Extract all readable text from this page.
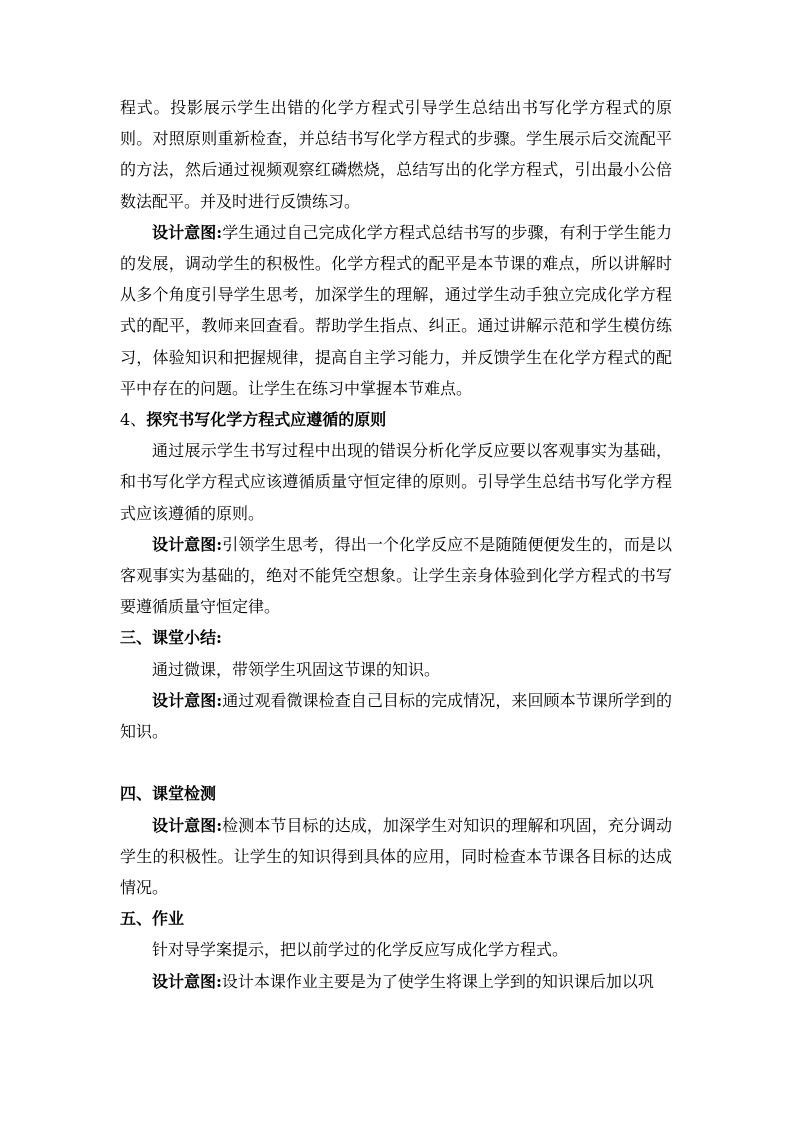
程式。投影展示学生出错的化学方程式引导学生总结出书写化学方程式的原则。对照原则重新检查，并总结书写化学方程式的步骤。学生展示后交流配平的方法，然后通过视频观察红磷燃烧，总结写出的化学方程式，引出最小公倍数法配平。并及时进行反馈练习。

设计意图:学生通过自己完成化学方程式总结书写的步骤，有利于学生能力的发展，调动学生的积极性。化学方程式的配平是本节课的难点，所以讲解时从多个角度引导学生思考，加深学生的理解，通过学生动手独立完成化学方程式的配平，教师来回查看。帮助学生指点、纠正。通过讲解示范和学生模仿练习，体验知识和把握规律，提高自主学习能力，并反馈学生在化学方程式的配平中存在的问题。让学生在练习中掌握本节难点。

4、探究书写化学方程式应遵循的原则

通过展示学生书写过程中出现的错误分析化学反应要以客观事实为基础，和书写化学方程式应该遵循质量守恒定律的原则。引导学生总结书写化学方程式应该遵循的原则。

设计意图:引领学生思考，得出一个化学反应不是随随便便发生的，而是以客观事实为基础的，绝对不能凭空想象。让学生亲身体验到化学方程式的书写要遵循质量守恒定律。

三、课堂小结:

通过微课，带领学生巩固这节课的知识。

设计意图:通过观看微课检查自己目标的完成情况，来回顾本节课所学到的知识。

四、课堂检测

设计意图:检测本节目标的达成，加深学生对知识的理解和巩固，充分调动学生的积极性。让学生的知识得到具体的应用，同时检查本节课各目标的达成情况。

五、作业

针对导学案提示，把以前学过的化学反应写成化学方程式。

设计意图:设计本课作业主要是为了使学生将课上学到的知识课后加以巩
